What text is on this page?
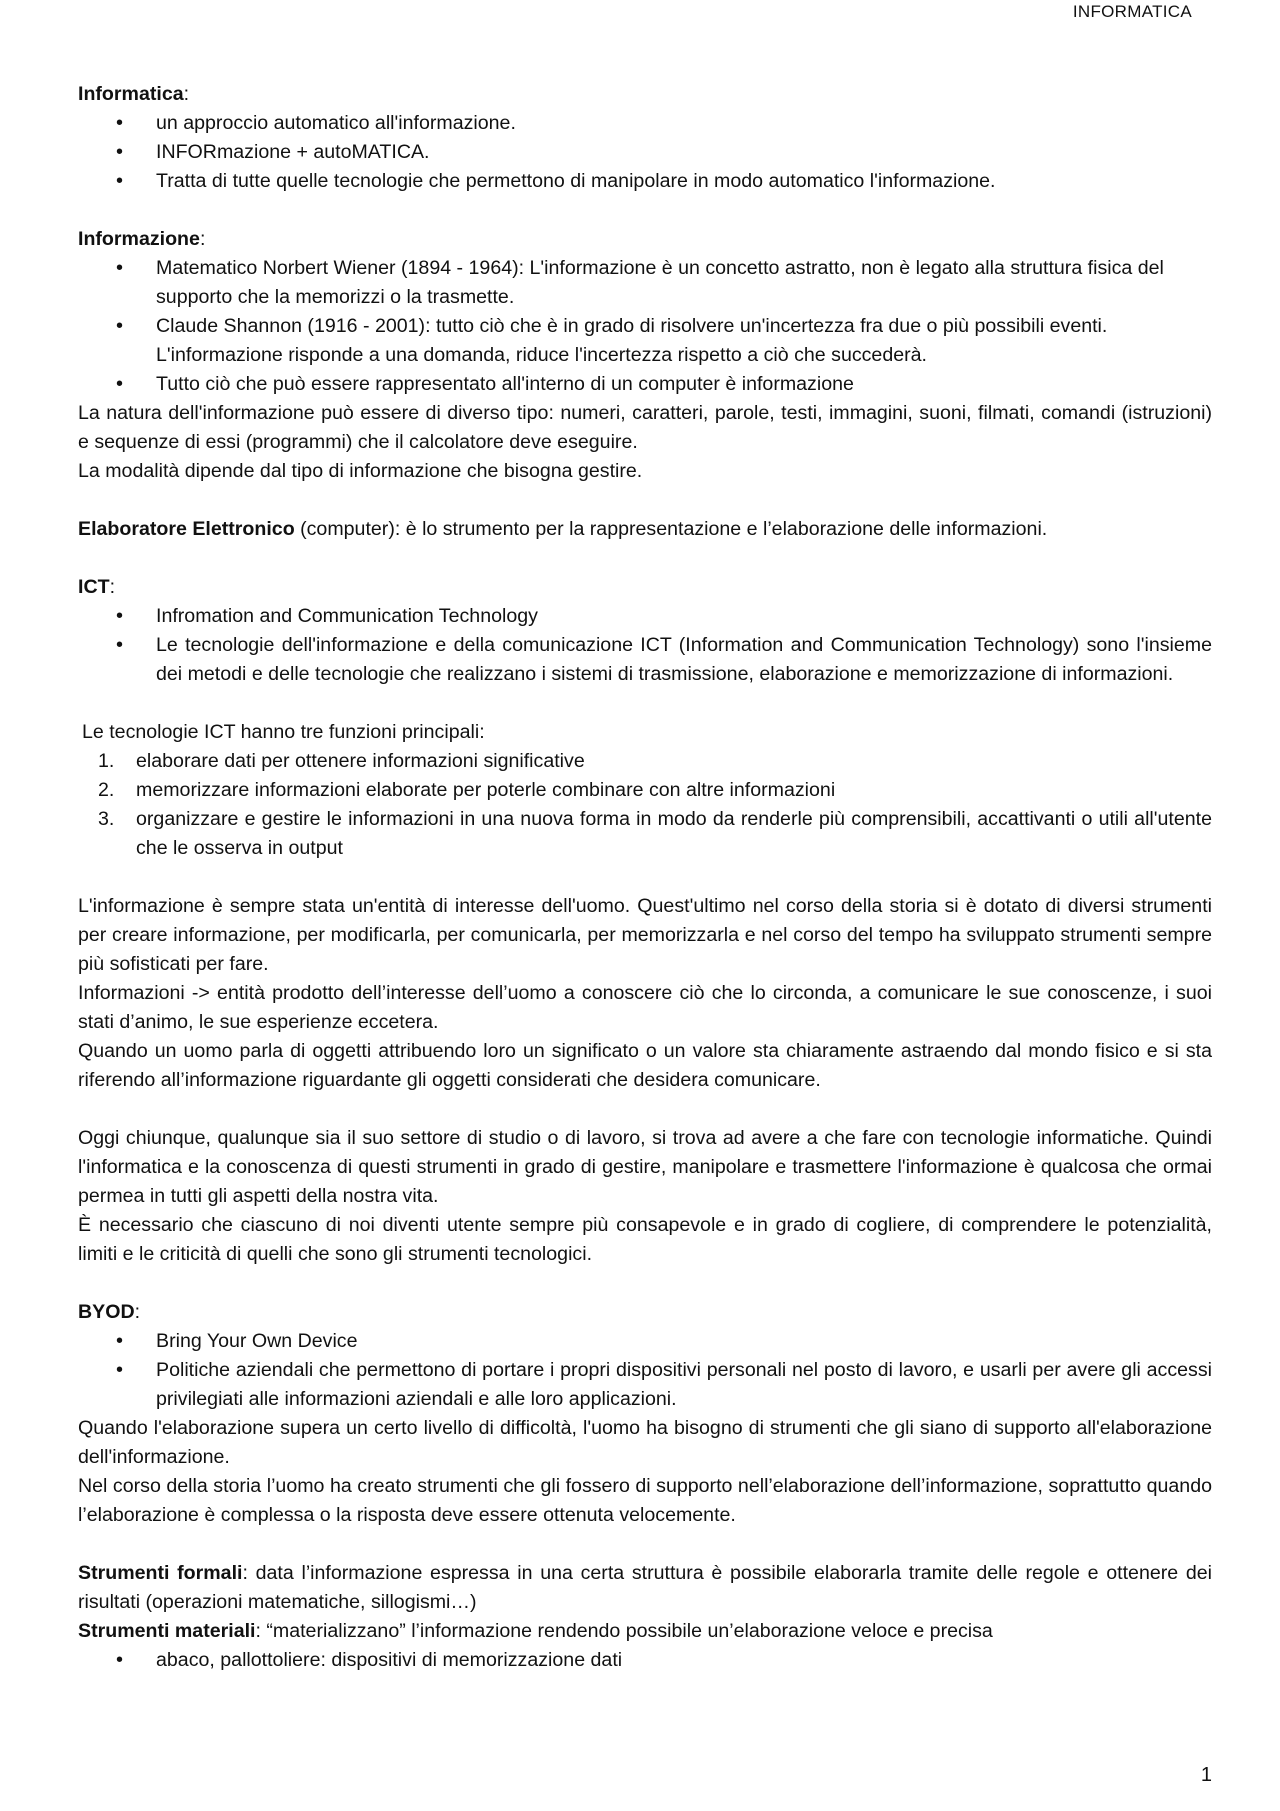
INFORMATICA

Informatica:

• un approccio automatico all'informazione.
• INFORmazione + autoMATICA.
• Tratta di tutte quelle tecnologie che permettono di manipolare in modo automatico l'informazione.

Informazione:

• Matematico Norbert Wiener (1894 - 1964): L'informazione è un concetto astratto, non è legato alla struttura fisica del supporto che la memorizzi o la trasmette.
• Claude Shannon (1916 - 2001): tutto ciò che è in grado di risolvere un'incertezza fra due o più possibili eventi. L'informazione risponde a una domanda, riduce l'incertezza rispetto a ciò che succederà.
• Tutto ciò che può essere rappresentato all'interno di un computer è informazione

La natura dell'informazione può essere di diverso tipo: numeri, caratteri, parole, testi, immagini, suoni, filmati, comandi (istruzioni) e sequenze di essi (programmi) che il calcolatore deve eseguire.

La modalità dipende dal tipo di informazione che bisogna gestire.

Elaboratore Elettronico (computer): è lo strumento per la rappresentazione e l’elaborazione delle informazioni.

ICT:

• Infromation and Communication Technology
• Le tecnologie dell'informazione e della comunicazione ICT (Information and Communication Technology) sono l'insieme dei metodi e delle tecnologie che realizzano i sistemi di trasmissione, elaborazione e memorizzazione di informazioni.

Le tecnologie ICT hanno tre funzioni principali:

1. elaborare dati per ottenere informazioni significative
2. memorizzare informazioni elaborate per poterle combinare con altre informazioni
3. organizzare e gestire le informazioni in una nuova forma in modo da renderle più comprensibili, accattivanti o utili all'utente che le osserva in output

L'informazione è sempre stata un'entità di interesse dell'uomo. Quest'ultimo nel corso della storia si è dotato di diversi strumenti per creare informazione, per modificarla, per comunicarla, per memorizzarla e nel corso del tempo ha sviluppato strumenti sempre più sofisticati per fare.

Informazioni -> entità prodotto dell’interesse dell’uomo a conoscere ciò che lo circonda, a comunicare le sue conoscenze, i suoi stati d’animo, le sue esperienze eccetera.

Quando un uomo parla di oggetti attribuendo loro un significato o un valore sta chiaramente astraendo dal mondo fisico e si sta riferendo all’informazione riguardante gli oggetti considerati che desidera comunicare.

Oggi chiunque, qualunque sia il suo settore di studio o di lavoro, si trova ad avere a che fare con tecnologie informatiche. Quindi l'informatica e la conoscenza di questi strumenti in grado di gestire, manipolare e trasmettere l'informazione è qualcosa che ormai permea in tutti gli aspetti della nostra vita.

È necessario che ciascuno di noi diventi utente sempre più consapevole e in grado di cogliere, di comprendere le potenzialità, limiti e le criticità di quelli che sono gli strumenti tecnologici.

BYOD:

• Bring Your Own Device
• Politiche aziendali che permettono di portare i propri dispositivi personali nel posto di lavoro, e usarli per avere gli accessi privilegiati alle informazioni aziendali e alle loro applicazioni.

Quando l'elaborazione supera un certo livello di difficoltà, l'uomo ha bisogno di strumenti che gli siano di supporto all'elaborazione dell'informazione.

Nel corso della storia l’uomo ha creato strumenti che gli fossero di supporto nell’elaborazione dell’informazione, soprattutto quando l’elaborazione è complessa o la risposta deve essere ottenuta velocemente.

Strumenti formali: data l’informazione espressa in una certa struttura è possibile elaborarla tramite delle regole e ottenere dei risultati (operazioni matematiche, sillogismi…)

Strumenti materiali: “materializzano” l’informazione rendendo possibile un’elaborazione veloce e precisa

• abaco, pallottoliere: dispositivi di memorizzazione dati
1
